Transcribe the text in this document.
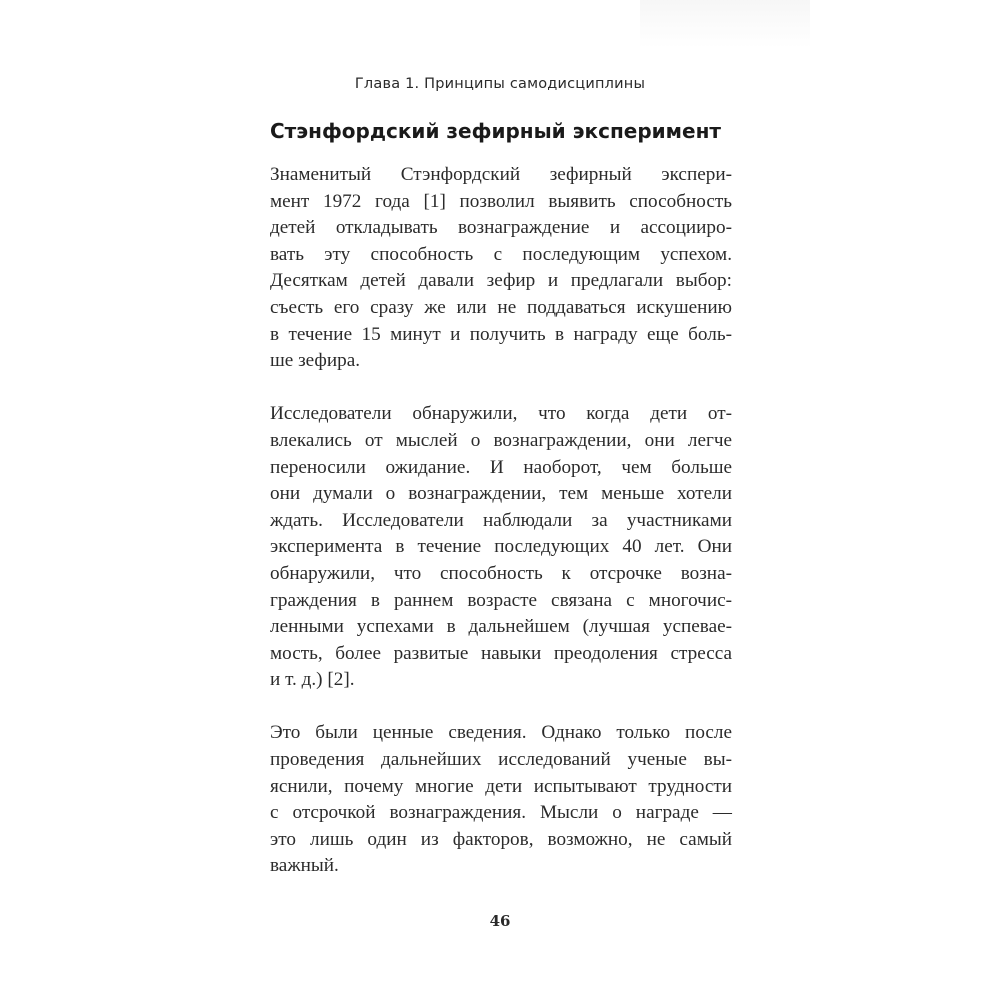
Глава 1. Принципы самодисциплины
Стэнфордский зефирный эксперимент

Знаменитый Стэнфордский зефирный экспери-
мент 1972 года [1] позволил выявить способность
детей откладывать вознаграждение и ассоцииро-
вать эту способность с последующим успехом.
Десяткам детей давали зефир и предлагали выбор:
съесть его сразу же или не поддаваться искушению
в течение 15 минут и получить в награду еще боль-
ше зефира.

Исследователи обнаружили, что когда дети от-
влекались от мыслей о вознаграждении, они легче
переносили ожидание. И наоборот, чем больше
они думали о вознаграждении, тем меньше хотели
ждать. Исследователи наблюдали за участниками
эксперимента в течение последующих 40 лет. Они
обнаружили, что способность к отсрочке возна-
граждения в раннем возрасте связана с многочис-
ленными успехами в дальнейшем (лучшая успевае-
мость, более развитые навыки преодоления стресса
и т. д.) [2].

Это были ценные сведения. Однако только после
проведения дальнейших исследований ученые вы-
яснили, почему многие дети испытывают трудности
с отсрочкой вознаграждения. Мысли о награде —
это лишь один из факторов, возможно, не самый
важный.

46
